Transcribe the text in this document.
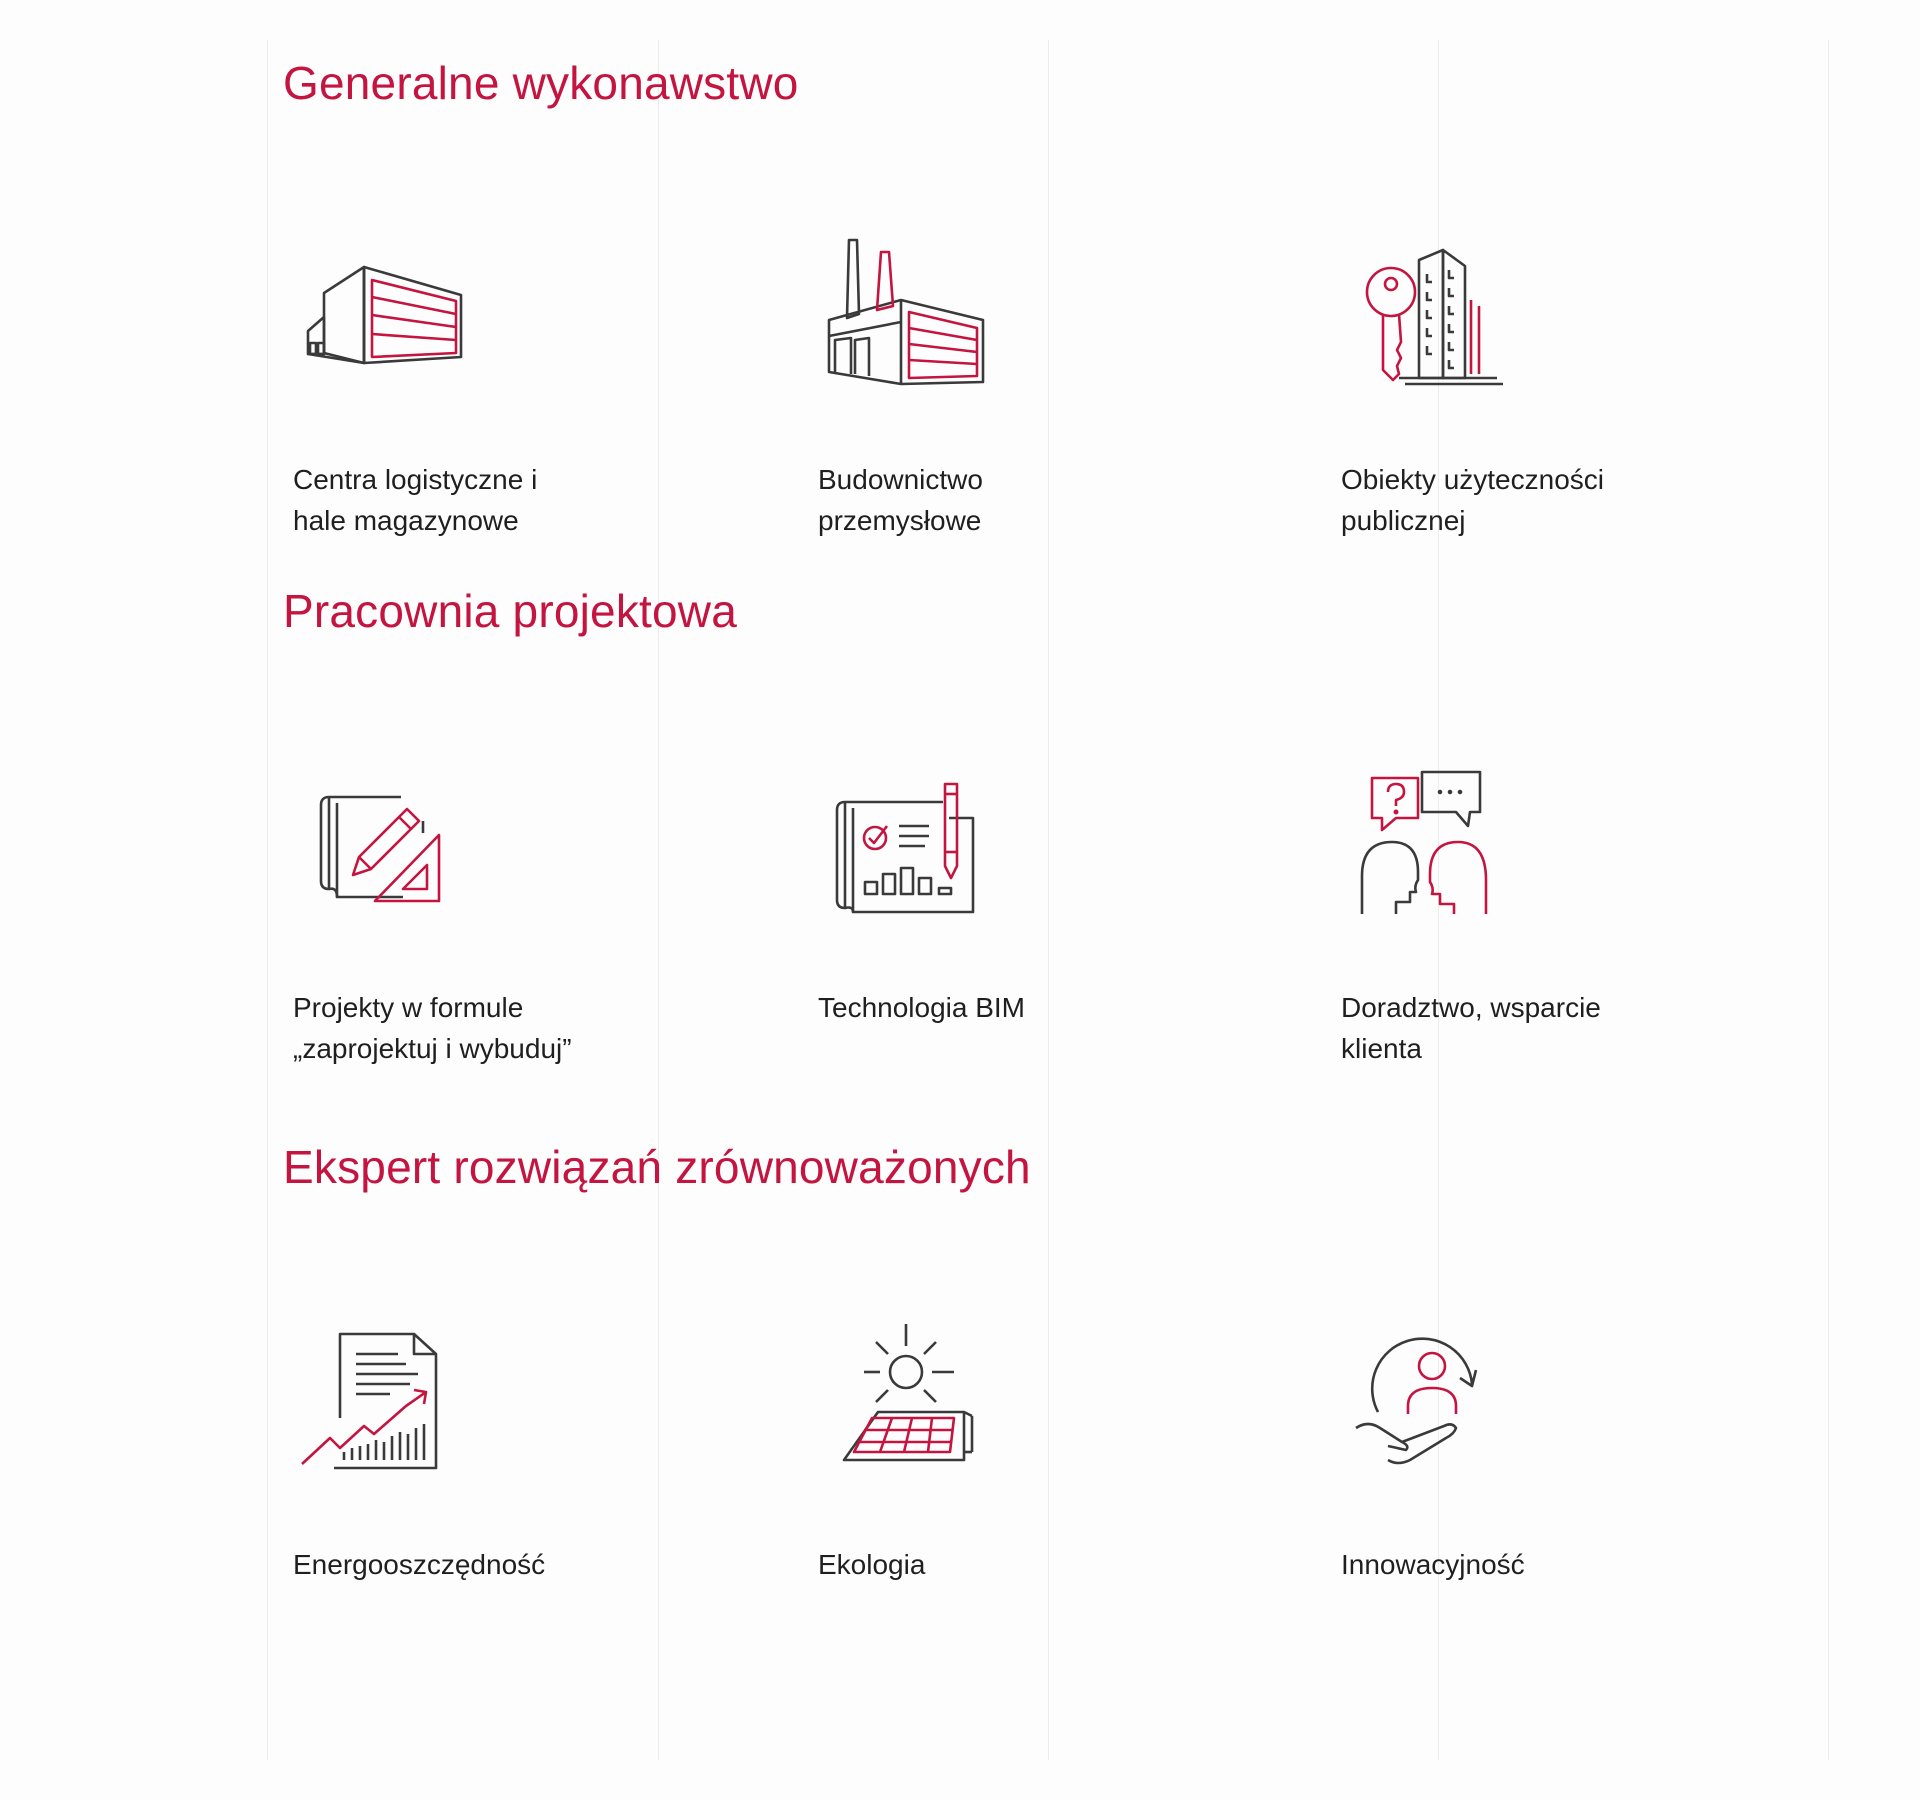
Generalne wykonawstwo

Centra logistyczne i
hale magazynowe

Budownictwo
przemysłowe

Obiekty użyteczności
publicznej

Pracownia projektowa

Projekty w formule
„zaprojektuj i wybuduj”

Technologia BIM	Doradztwo, wsparcie
klienta

Ekspert rozwiązań zrównoważonych

Energooszczędność	Ekologia	Innowacyjność
